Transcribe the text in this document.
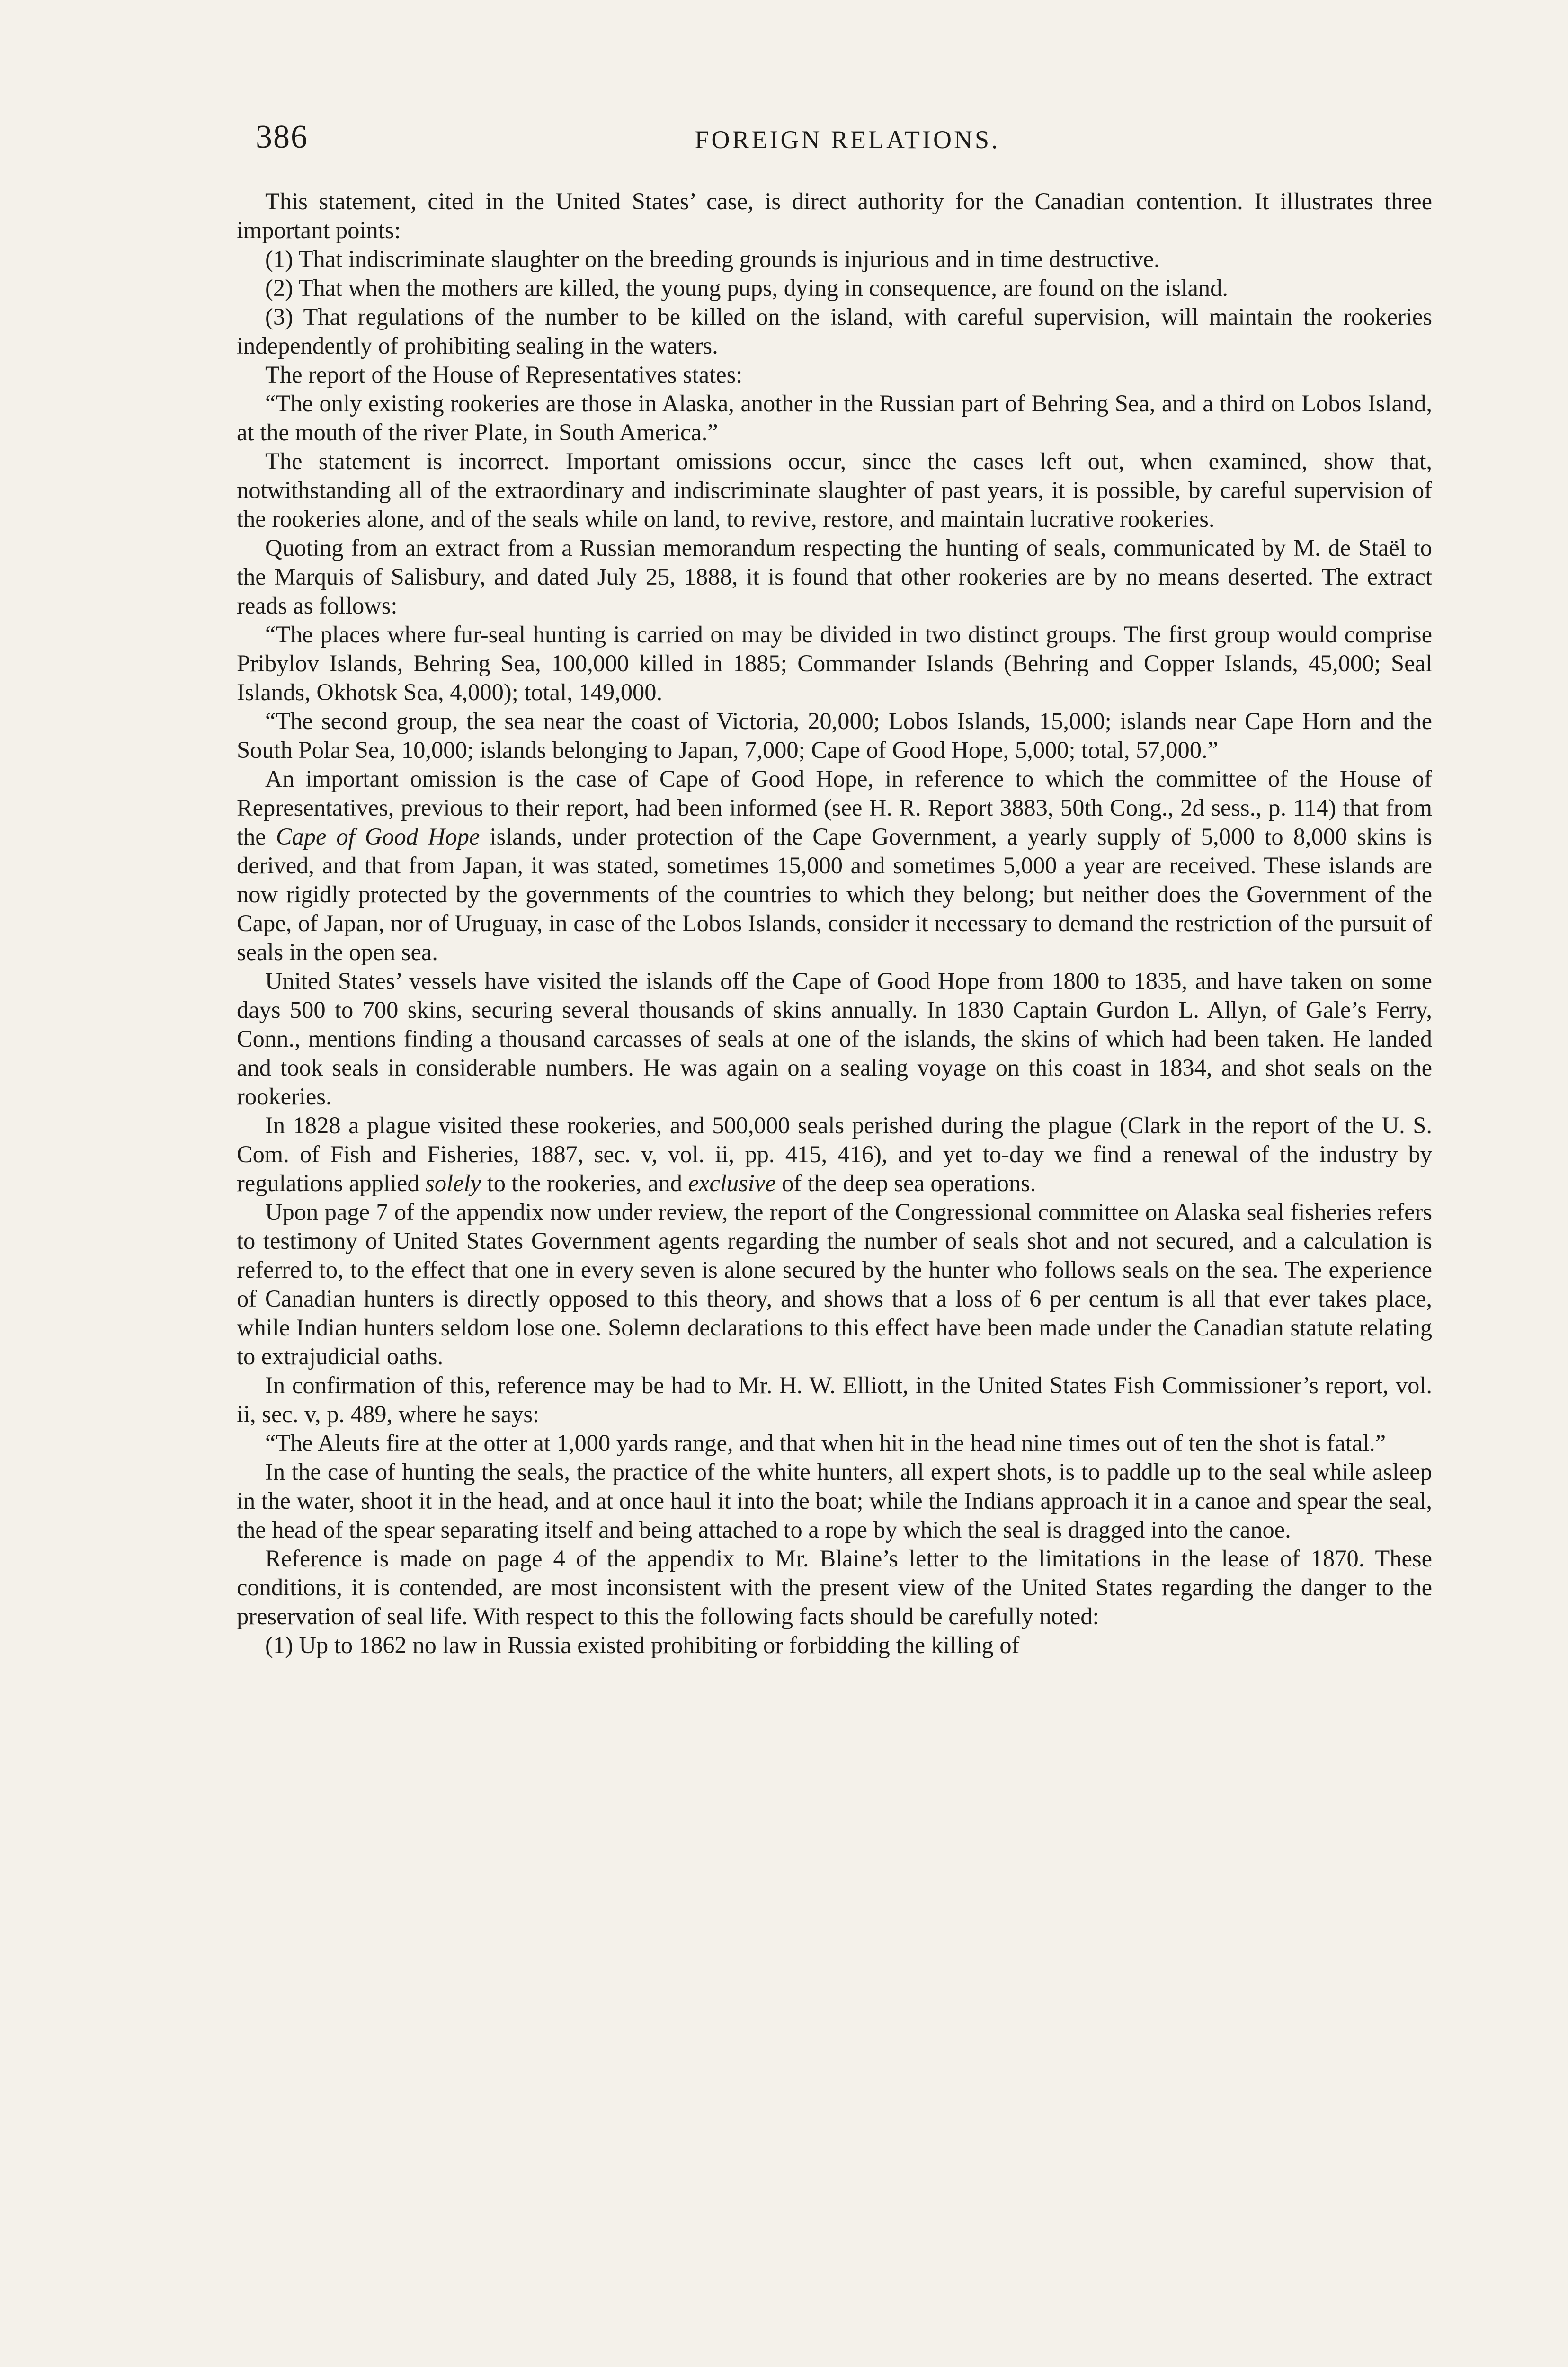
386	FOREIGN RELATIONS.

This statement, cited in the United States’ case, is direct authority for the Canadian contention. It illustrates three important points:

(1) That indiscriminate slaughter on the breeding grounds is injurious and in time destructive.

(2) That when the mothers are killed, the young pups, dying in consequence, are found on the island.

(3) That regulations of the number to be killed on the island, with careful supervision, will maintain the rookeries independently of prohibiting sealing in the waters.

The report of the House of Representatives states:

“The only existing rookeries are those in Alaska, another in the Russian part of Behring Sea, and a third on Lobos Island, at the mouth of the river Plate, in South America.”

The statement is incorrect. Important omissions occur, since the cases left out, when examined, show that, notwithstanding all of the extraordinary and indiscriminate slaughter of past years, it is possible, by careful supervision of the rookeries alone, and of the seals while on land, to revive, restore, and maintain lucrative rookeries.

Quoting from an extract from a Russian memorandum respecting the hunting of seals, communicated by M. de Staël to the Marquis of Salisbury, and dated July 25, 1888, it is found that other rookeries are by no means deserted. The extract reads as follows:

“The places where fur-seal hunting is carried on may be divided in two distinct groups. The first group would comprise Pribylov Islands, Behring Sea, 100,000 killed in 1885; Commander Islands (Behring and Copper Islands, 45,000; Seal Islands, Okhotsk Sea, 4,000); total, 149,000.

“The second group, the sea near the coast of Victoria, 20,000; Lobos Islands, 15,000; islands near Cape Horn and the South Polar Sea, 10,000; islands belonging to Japan, 7,000; Cape of Good Hope, 5,000; total, 57,000.”

An important omission is the case of Cape of Good Hope, in reference to which the committee of the House of Representatives, previous to their report, had been informed (see H. R. Report 3883, 50th Cong., 2d sess., p. 114) that from the Cape of Good Hope islands, under protection of the Cape Government, a yearly supply of 5,000 to 8,000 skins is derived, and that from Japan, it was stated, sometimes 15,000 and sometimes 5,000 a year are received. These islands are now rigidly protected by the governments of the countries to which they belong; but neither does the Government of the Cape, of Japan, nor of Uruguay, in case of the Lobos Islands, consider it necessary to demand the restriction of the pursuit of seals in the open sea.

United States’ vessels have visited the islands off the Cape of Good Hope from 1800 to 1835, and have taken on some days 500 to 700 skins, securing several thousands of skins annually. In 1830 Captain Gurdon L. Allyn, of Gale’s Ferry, Conn., mentions finding a thousand carcasses of seals at one of the islands, the skins of which had been taken. He landed and took seals in considerable numbers. He was again on a sealing voyage on this coast in 1834, and shot seals on the rookeries.

In 1828 a plague visited these rookeries, and 500,000 seals perished during the plague (Clark in the report of the U. S. Com. of Fish and Fisheries, 1887, sec. v, vol. ii, pp. 415, 416), and yet to-day we find a renewal of the industry by regulations applied solely to the rookeries, and exclusive of the deep sea operations.

Upon page 7 of the appendix now under review, the report of the Congressional committee on Alaska seal fisheries refers to testimony of United States Government agents regarding the number of seals shot and not secured, and a calculation is referred to, to the effect that one in every seven is alone secured by the hunter who follows seals on the sea. The experience of Canadian hunters is directly opposed to this theory, and shows that a loss of 6 per centum is all that ever takes place, while Indian hunters seldom lose one. Solemn declarations to this effect have been made under the Canadian statute relating to extrajudicial oaths.

In confirmation of this, reference may be had to Mr. H. W. Elliott, in the United States Fish Commissioner’s report, vol. ii, sec. v, p. 489, where he says:

“The Aleuts fire at the otter at 1,000 yards range, and that when hit in the head nine times out of ten the shot is fatal.”

In the case of hunting the seals, the practice of the white hunters, all expert shots, is to paddle up to the seal while asleep in the water, shoot it in the head, and at once haul it into the boat; while the Indians approach it in a canoe and spear the seal, the head of the spear separating itself and being attached to a rope by which the seal is dragged into the canoe.

Reference is made on page 4 of the appendix to Mr. Blaine’s letter to the limitations in the lease of 1870. These conditions, it is contended, are most inconsistent with the present view of the United States regarding the danger to the preservation of seal life. With respect to this the following facts should be carefully noted:

(1) Up to 1862 no law in Russia existed prohibiting or forbidding the killing of
